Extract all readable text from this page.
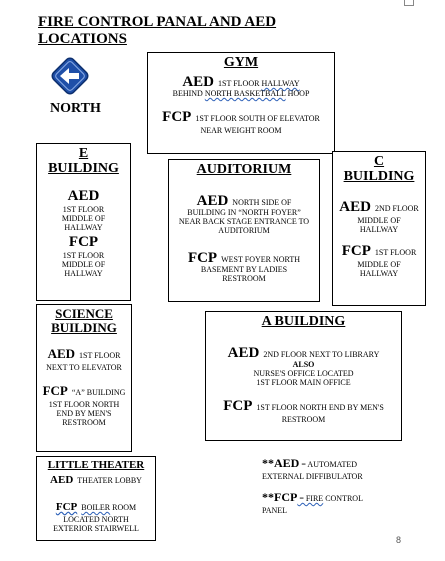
FIRE CONTROL PANAL AND AED
LOCATIONS
NORTH
GYM
AED 1ST FLOOR HALLWAY
BEHIND NORTH BASKETBALL HOOP
FCP 1ST FLOOR SOUTH OF ELEVATOR
NEAR WEIGHT ROOM
E
BUILDING
AED
1ST FLOOR
MIDDLE OF
HALLWAY
FCP
1ST FLOOR
MIDDLE OF
HALLWAY
AUDITORIUM
AED NORTH SIDE OF
BUILDING IN “NORTH FOYER”
NEAR BACK STAGE ENTRANCE TO
AUDITORIUM
FCP WEST FOYER NORTH
BASEMENT BY LADIES
RESTROOM
C
BUILDING
AED 2ND FLOOR
MIDDLE OF
HALLWAY
FCP 1ST FLOOR
MIDDLE OF
HALLWAY
SCIENCE
BUILDING
AED 1ST FLOOR
NEXT TO ELEVATOR
FCP “A” BUILDING
1ST FLOOR NORTH
END BY MEN'S
RESTROOM
A BUILDING
AED 2ND FLOOR NEXT TO LIBRARY
ALSO
NURSE'S OFFICE LOCATED
1ST FLOOR MAIN OFFICE
FCP 1ST FLOOR NORTH END BY MEN'S
RESTROOM
LITTLE THEATER
AED THEATER LOBBY
FCP BOILER ROOM
LOCATED NORTH
EXTERIOR STAIRWELL
**AED = AUTOMATED
EXTERNAL DIFFIBULATOR
**FCP = FIRE CONTROL
PANEL
8
